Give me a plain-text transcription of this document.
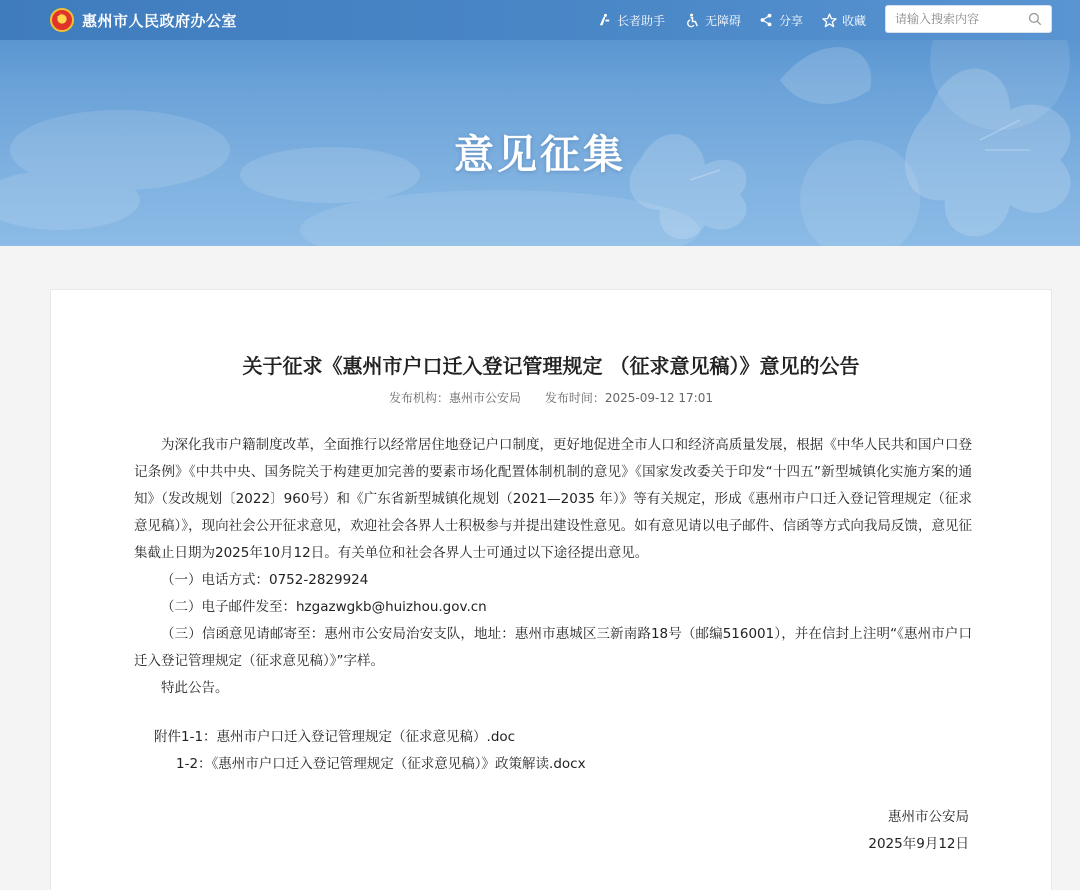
意见征集
★
惠州市人民政府办公室	长者助手	无障碍	分享	收藏
请输入搜索内容
关于征求《惠州市户口迁入登记管理规定 （征求意见稿）》意见的公告
发布机构：惠州市公安局 发布时间：2025-09-12 17:01

为深化我市户籍制度改革，全面推行以经常居住地登记户口制度，更好地促进全市人口和经济高质量发展，根据《中华人民共和国户口登记条例》《中共中央、国务院关于构建更加完善的要素市场化配置体制机制的意见》《国家发改委关于印发“十四五”新型城镇化实施方案的通知》（发改规划〔2022〕960号）和《广东省新型城镇化规划（2021—2035 年）》等有关规定，形成《惠州市户口迁入登记管理规定（征求意见稿）》，现向社会公开征求意见，欢迎社会各界人士积极参与并提出建设性意见。如有意见请以电子邮件、信函等方式向我局反馈，意见征集截止日期为2025年10月12日。有关单位和社会各界人士可通过以下途径提出意见。

（一）电话方式：0752-2829924

（二）电子邮件发至：hzgazwgkb@huizhou.gov.cn

（三）信函意见请邮寄至：惠州市公安局治安支队，地址：惠州市惠城区三新南路18号（邮编516001），并在信封上注明“《惠州市户口迁入登记管理规定（征求意见稿）》”字样。

特此公告。

附件1-1：惠州市户口迁入登记管理规定（征求意见稿）.doc
1-2：《惠州市户口迁入登记管理规定（征求意见稿）》政策解读.docx
惠州市公安局
2025年9月12日
